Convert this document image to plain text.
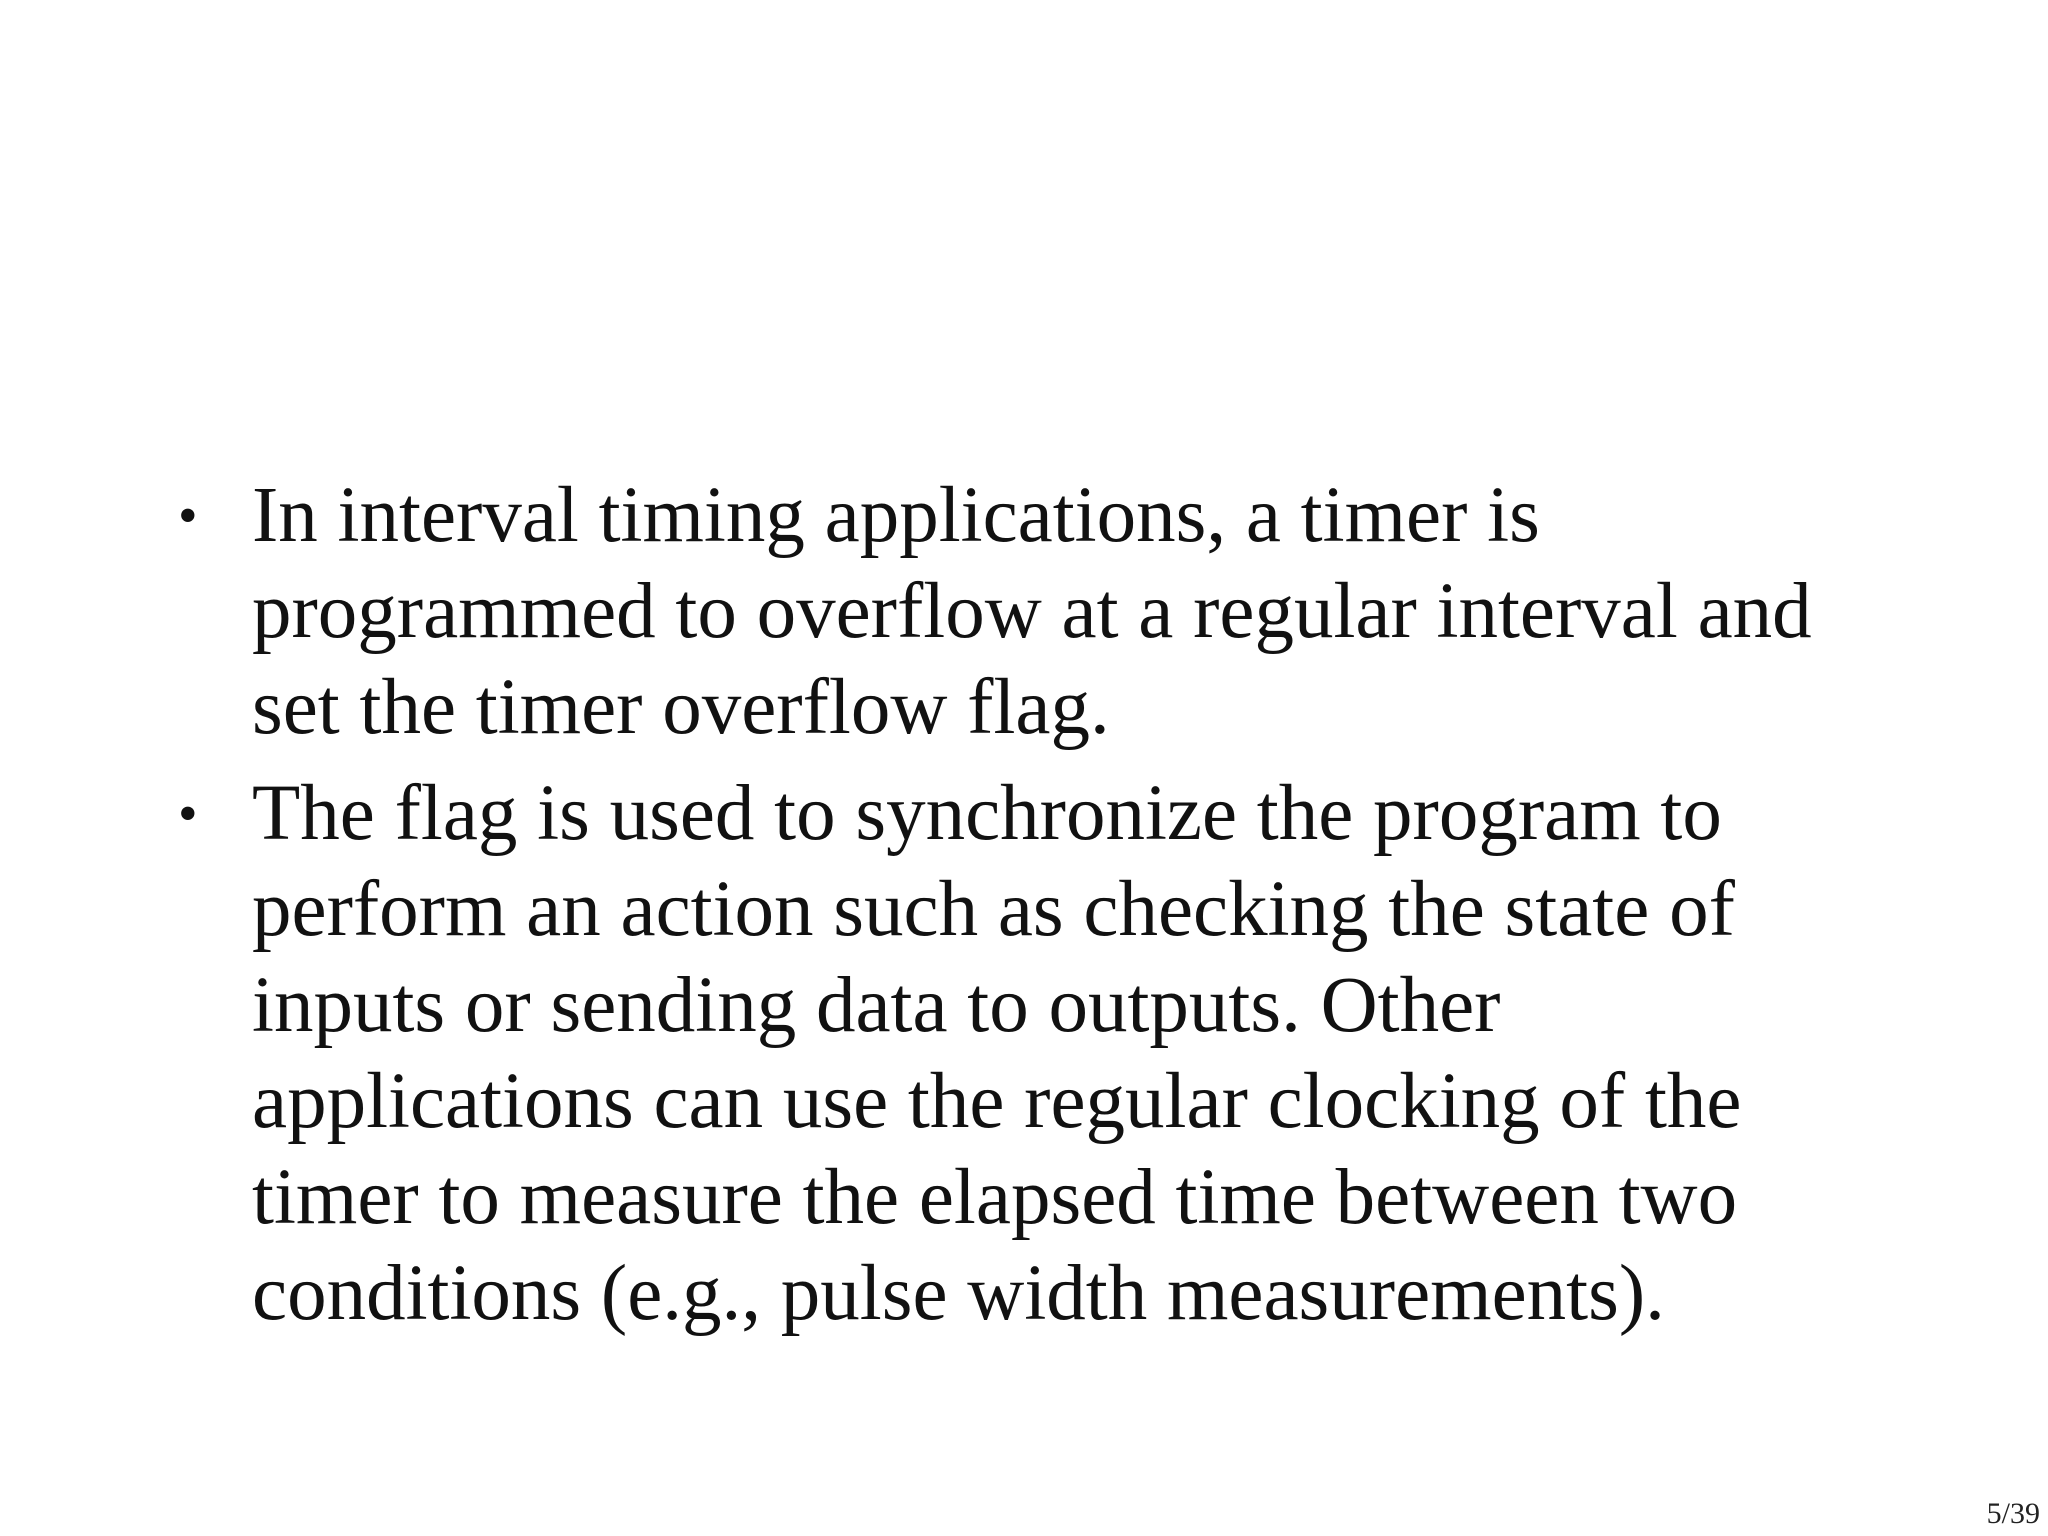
• In interval timing applications, a timer is
programmed to overflow at a regular interval and
set the timer overflow flag.
• The flag is used to synchronize the program to
perform an action such as checking the state of
inputs or sending data to outputs. Other
applications can use the regular clocking of the
timer to measure the elapsed time between two
conditions (e.g., pulse width measurements).
5/39
